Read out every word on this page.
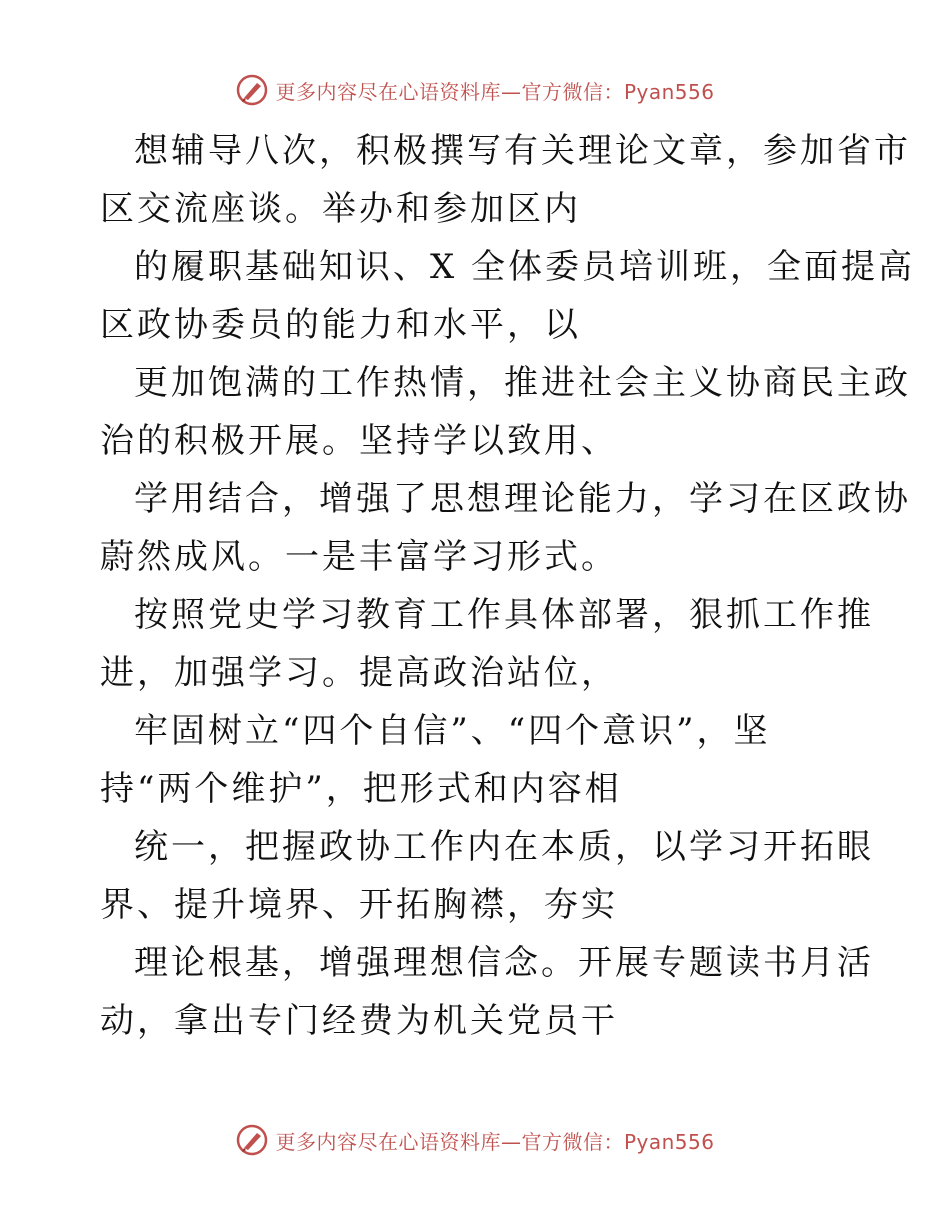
更多内容尽在心语资料库—官方微信：Pyan556

想辅导八次，积极撰写有关理论文章，参加省市
区交流座谈。举办和参加区内

的履职基础知识、X 全体委员培训班，全面提高
区政协委员的能力和水平，以

更加饱满的工作热情，推进社会主义协商民主政
治的积极开展。坚持学以致用、

学用结合，增强了思想理论能力，学习在区政协
蔚然成风。一是丰富学习形式。

按照党史学习教育工作具体部署，狠抓工作推
进，加强学习。提高政治站位，

牢固树立“四个自信”、“四个意识”，坚
持“两个维护”，把形式和内容相

统一，把握政协工作内在本质，以学习开拓眼
界、提升境界、开拓胸襟，夯实

理论根基，增强理想信念。开展专题读书月活
动，拿出专门经费为机关党员干

更多内容尽在心语资料库—官方微信：Pyan556
